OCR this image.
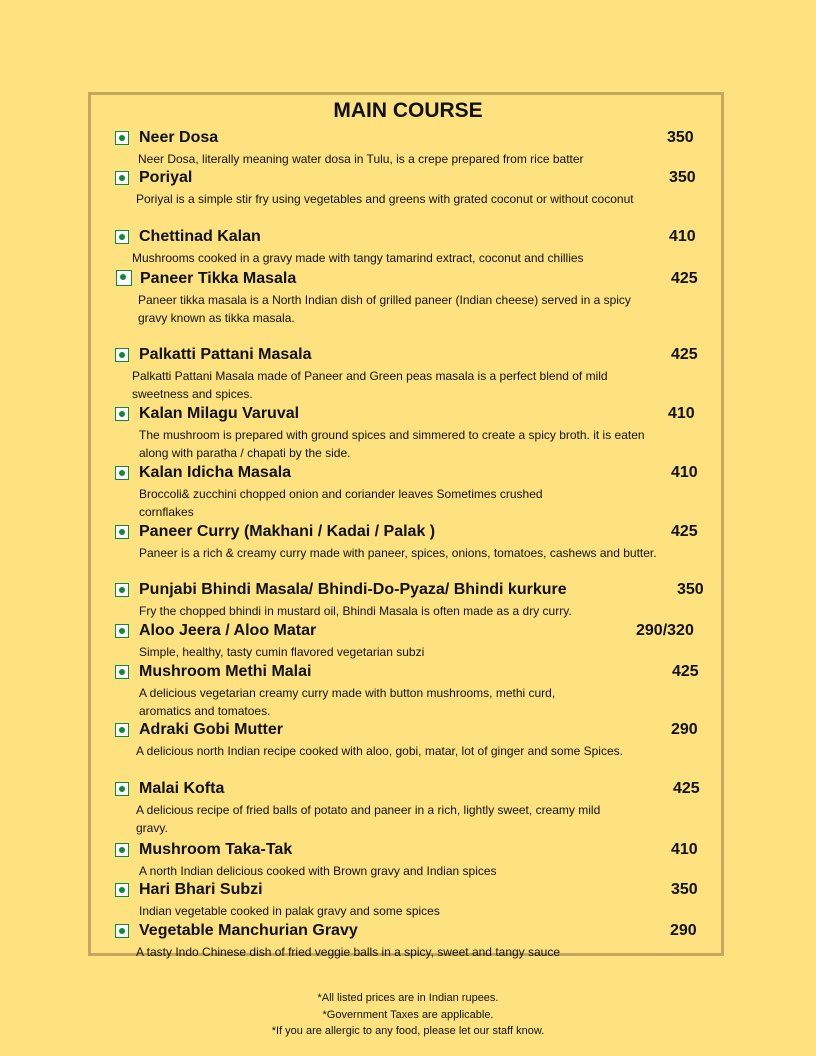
MAIN COURSE
Neer Dosa	350
Neer Dosa, literally meaning water dosa in Tulu, is a crepe prepared from rice batter
Poriyal	350
Poriyal is a simple stir fry using vegetables and greens with grated coconut or without coconut
Chettinad Kalan	410
Mushrooms cooked in a gravy made with tangy tamarind extract, coconut and chillies
Paneer Tikka Masala	425
Paneer tikka masala is a North Indian dish of grilled paneer (Indian cheese) served in a spicy gravy known as tikka masala.
Palkatti Pattani Masala	425
Palkatti Pattani Masala made of Paneer and Green peas masala is a perfect blend of mild sweetness and spices.
Kalan Milagu Varuval	410
The mushroom is prepared with ground spices and simmered to create a spicy broth. it is eaten along with paratha / chapati by the side.
Kalan Idicha Masala	410
Broccoli& zucchini chopped onion and coriander leaves Sometimes crushed cornflakes
Paneer Curry (Makhani / Kadai / Palak )	425
Paneer is a rich & creamy curry made with paneer, spices, onions, tomatoes, cashews and butter.
Punjabi Bhindi Masala/ Bhindi-Do-Pyaza/ Bhindi kurkure	350
Fry the chopped bhindi in mustard oil, Bhindi Masala is often made as a dry curry.
Aloo Jeera / Aloo Matar	290/320
Simple, healthy, tasty cumin flavored vegetarian subzi
Mushroom Methi Malai	425
A delicious vegetarian creamy curry made with button mushrooms, methi curd, aromatics and tomatoes.
Adraki Gobi Mutter	290
A delicious north Indian recipe cooked with aloo, gobi, matar, lot of ginger and some Spices.
Malai Kofta	425
A delicious recipe of fried balls of potato and paneer in a rich, lightly sweet, creamy mild gravy.
Mushroom Taka-Tak	410
A north Indian delicious cooked with Brown gravy and Indian spices
Hari Bhari Subzi	350
Indian vegetable cooked in palak gravy and some spices
Vegetable Manchurian Gravy	290
A tasty Indo Chinese dish of fried veggie balls in a spicy, sweet and tangy sauce
*All listed prices are in Indian rupees.
*Government Taxes are applicable.
*If you are allergic to any food, please let our staff know.
